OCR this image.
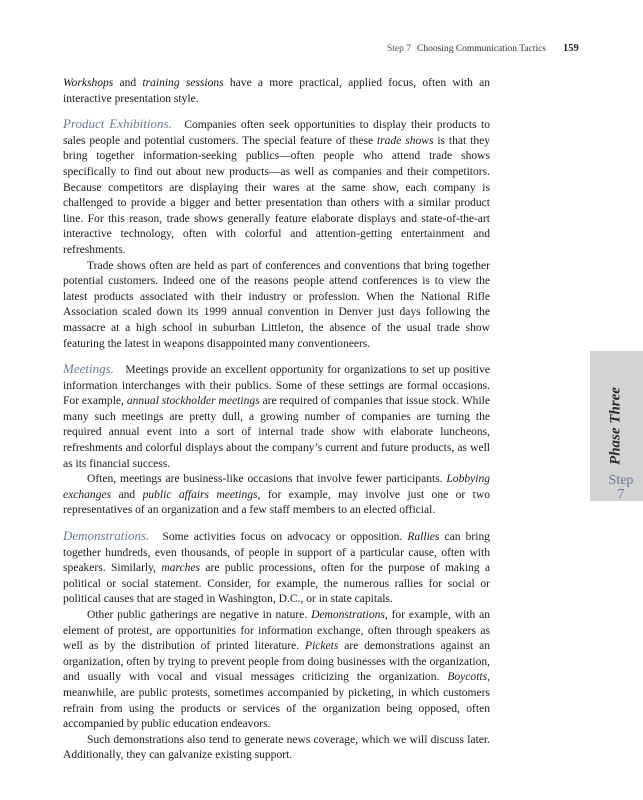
Step 7 Choosing Communication Tactics 159

Workshops and training sessions have a more practical, applied focus, often with an interactive presentation style.

Product Exhibitions. Companies often seek opportunities to display their products to sales people and potential customers. The special feature of these trade shows is that they bring together information-seeking publics—often people who attend trade shows specifically to find out about new products—as well as companies and their competitors. Because competitors are displaying their wares at the same show, each company is challenged to provide a bigger and better presentation than others with a similar product line. For this reason, trade shows generally feature elaborate displays and state-of-the-art interactive technology, often with colorful and attention-getting entertainment and refreshments.

Trade shows often are held as part of conferences and conventions that bring together potential customers. Indeed one of the reasons people attend conferences is to view the latest products associated with their industry or profession. When the National Rifle Association scaled down its 1999 annual convention in Denver just days following the massacre at a high school in suburban Littleton, the absence of the usual trade show featuring the latest in weapons disappointed many conventioneers.

Meetings. Meetings provide an excellent opportunity for organizations to set up positive information interchanges with their publics. Some of these settings are formal occasions. For example, annual stockholder meetings are required of companies that issue stock. While many such meetings are pretty dull, a growing number of companies are turning the required annual event into a sort of internal trade show with elaborate luncheons, refreshments and colorful displays about the company’s current and future products, as well as its financial success.

Often, meetings are business-like occasions that involve fewer participants. Lobbying exchanges and public affairs meetings, for example, may involve just one or two representatives of an organization and a few staff members to an elected official.

Demonstrations. Some activities focus on advocacy or opposition. Rallies can bring together hundreds, even thousands, of people in support of a particular cause, often with speakers. Similarly, marches are public processions, often for the purpose of making a political or social statement. Consider, for example, the numerous rallies for social or political causes that are staged in Washington, D.C., or in state capitals.

Other public gatherings are negative in nature. Demonstrations, for example, with an element of protest, are opportunities for information exchange, often through speakers as well as by the distribution of printed literature. Pickets are demonstrations against an organization, often by trying to prevent people from doing businesses with the organization, and usually with vocal and visual messages criticizing the organization. Boycotts, meanwhile, are public protests, sometimes accompanied by picketing, in which customers refrain from using the products or services of the organization being opposed, often accompanied by public education endeavors.

Such demonstrations also tend to generate news coverage, which we will discuss later. Additionally, they can galvanize existing support.

Phase Three
Step
7
